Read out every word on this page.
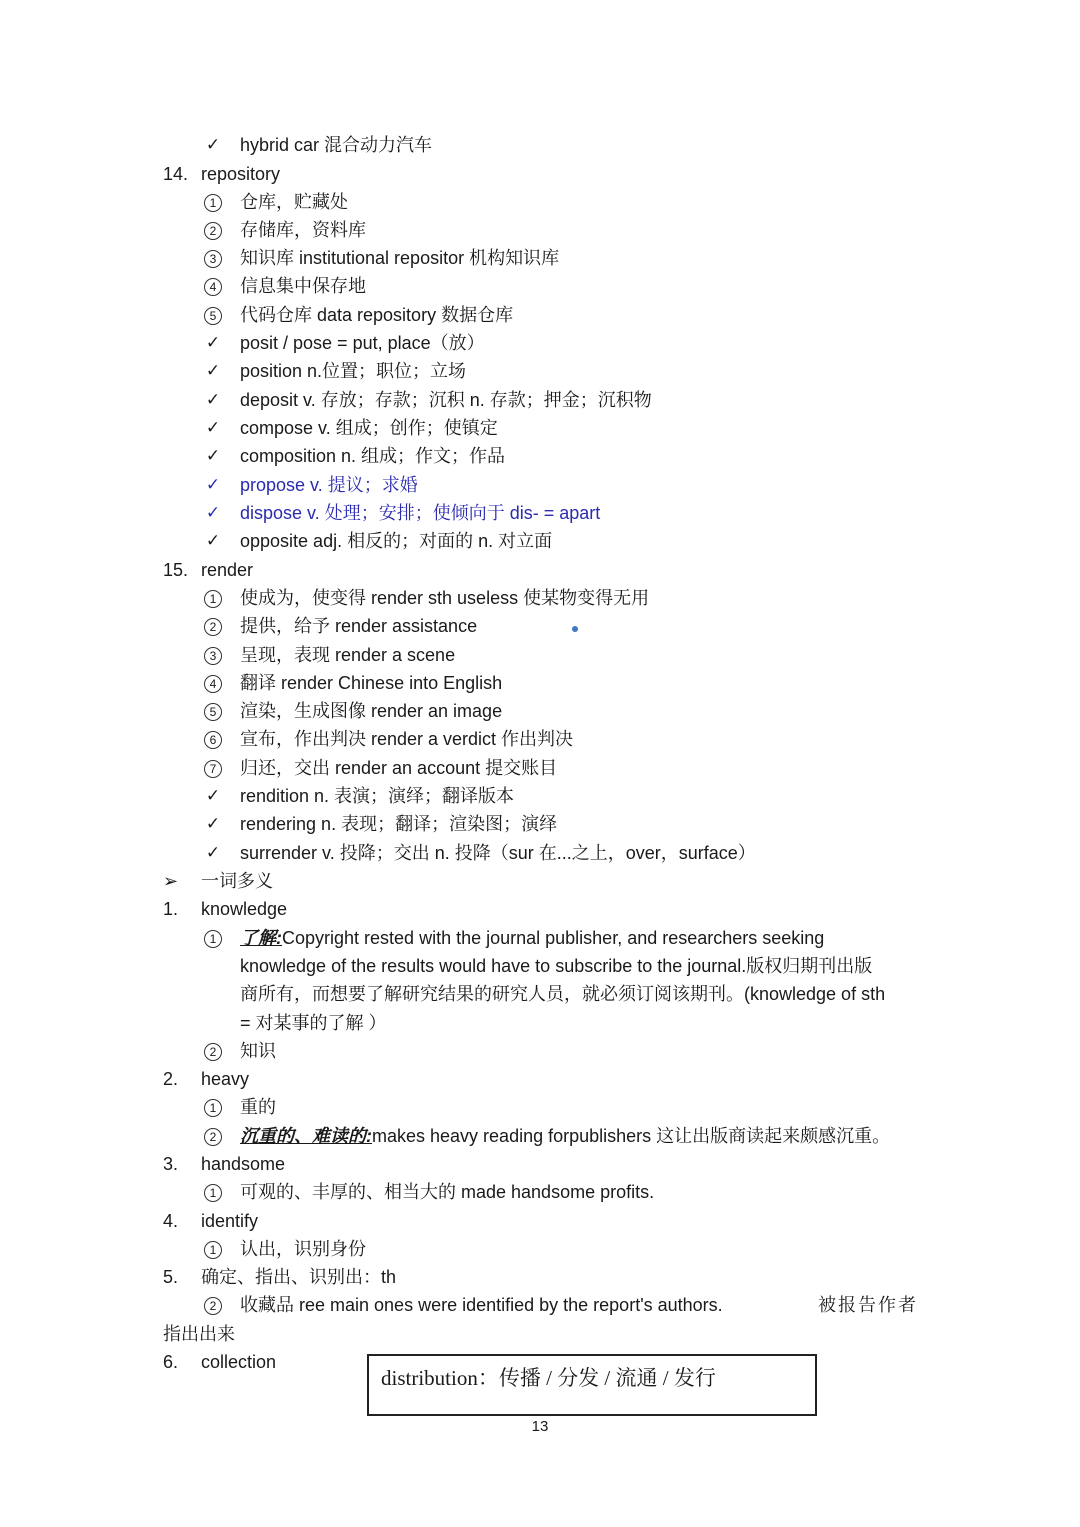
✓ hybrid car 混合动力汽车
14. repository
1	仓库，贮藏处
2	存储库，资料库
3	知识库 institutional repositor 机构知识库
4	信息集中保存地
5	代码仓库 data repository 数据仓库
✓ posit / pose = put, place（放）
✓ position n.位置；职位；立场
✓ deposit v. 存放；存款；沉积 n. 存款；押金；沉积物
✓ compose v. 组成；创作；使镇定
✓ composition n. 组成；作文；作品
✓ propose v. 提议；求婚
✓ dispose v. 处理；安排；使倾向于 dis- = apart
✓ opposite adj. 相反的；对面的 n. 对立面
15. render
1	使成为，使变得 render sth useless 使某物变得无用
2	提供，给予 render assistance
3	呈现，表现 render a scene
4	翻译 render Chinese into English
5	渲染，生成图像 render an image
6	宣布，作出判决 render a verdict 作出判决
7	归还，交出 render an account 提交账目
✓ rendition n. 表演；演绎；翻译版本
✓ rendering n. 表现；翻译；渲染图；演绎
✓ surrender v. 投降；交出 n. 投降（sur 在...之上，over，surface）
➢	一词多义
1.	knowledge
1	了解:Copyright rested with the journal publisher, and researchers seeking
knowledge of the results would have to subscribe to the journal.版权归期刊出版
商所有，而想要了解研究结果的研究人员，就必须订阅该期刊。(knowledge of sth
= 对某事的了解 ）
2	知识
2.	heavy
1	重的
2	沉重的、难读的:makes heavy reading forpublishers 这让出版商读起来颇感沉重。
3.	handsome
1	可观的、丰厚的、相当大的 made handsome profits.
4.	identify
1	认出，识别身份
5.	确定、指出、识别出：th
2	收藏品 ree main ones were identified by the report's authors.	被报告作者
指出出来
6.	collection
distribution：传播 / 分发 / 流通 / 发行
13
